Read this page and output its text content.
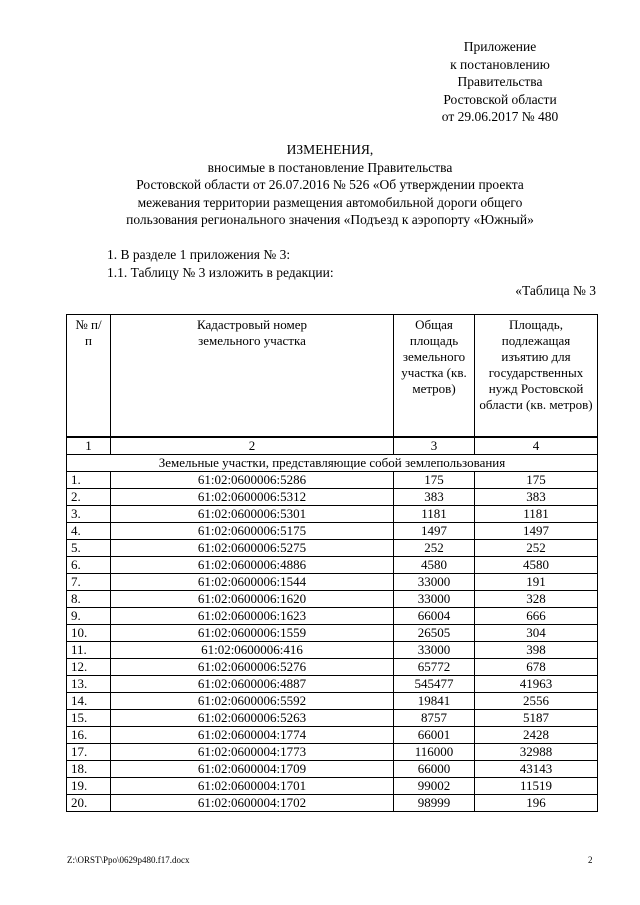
Приложение
к постановлению
Правительства
Ростовской области
от 29.06.2017 № 480
ИЗМЕНЕНИЯ,
вносимые в постановление Правительства
Ростовской области от 26.07.2016 № 526 «Об утверждении проекта
межевания территории размещения автомобильной дороги общего
пользования регионального значения «Подъезд к аэропорту «Южный»
1. В разделе 1 приложения № 3:
1.1. Таблицу № 3 изложить в редакции:
«Таблица № 3
№ п/п	Кадастровый номер земельного участка	Общая площадь земельного участка (кв. метров)	Площадь, подлежащая изъятию для государственных нужд Ростовской области (кв. метров)
1	2	3	4
Земельные участки, представляющие собой землепользования			
1.	61:02:0600006:5286	175	175
2.	61:02:0600006:5312	383	383
3.	61:02:0600006:5301	1181	1181
4.	61:02:0600006:5175	1497	1497
5.	61:02:0600006:5275	252	252
6.	61:02:0600006:4886	4580	4580
7.	61:02:0600006:1544	33000	191
8.	61:02:0600006:1620	33000	328
9.	61:02:0600006:1623	66004	666
10.	61:02:0600006:1559	26505	304
11.	61:02:0600006:416	33000	398
12.	61:02:0600006:5276	65772	678
13.	61:02:0600006:4887	545477	41963
14.	61:02:0600006:5592	19841	2556
15.	61:02:0600006:5263	8757	5187
16.	61:02:0600004:1774	66001	2428
17.	61:02:0600004:1773	116000	32988
18.	61:02:0600004:1709	66000	43143
19.	61:02:0600004:1701	99002	11519
20.	61:02:0600004:1702	98999	196
Z:\ORST\Ppo\0629p480.f17.docx	2
